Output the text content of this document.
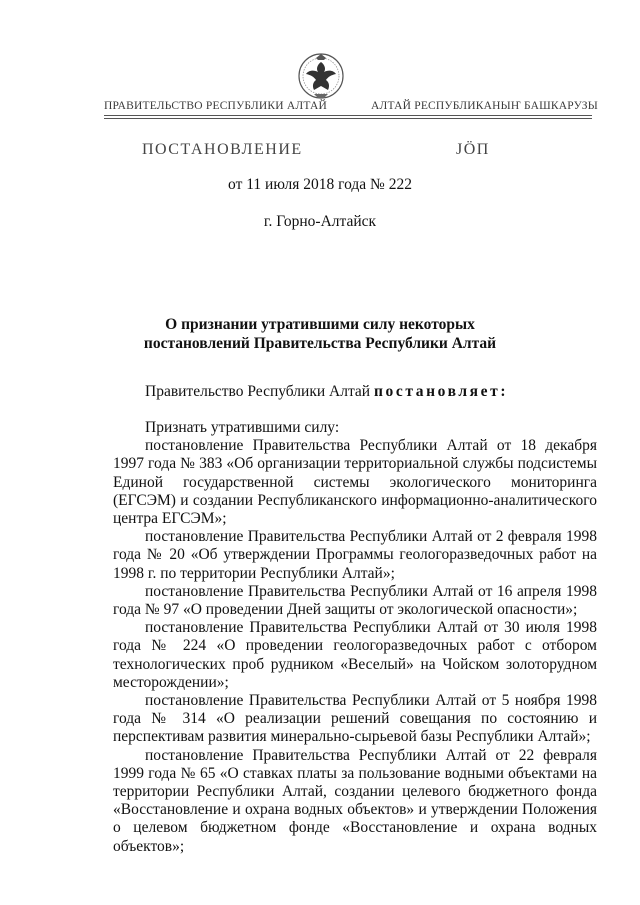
ПРАВИТЕЛЬСТВО РЕСПУБЛИКИ АЛТАЙ	АЛТАЙ РЕСПУБЛИКАНЫҤ БАШКАРУЗЫ
ПОСТАНОВЛЕНИЕ	JÖП
от 11 июля 2018 года № 222
г. Горно-Алтайск
О признании утратившими силу некоторых
постановлений Правительства Республики Алтай
Правительство Республики Алтай постановляет:

Признать утратившими силу:

постановление Правительства Республики Алтай от 18 декабря 1997 года № 383 «Об организации территориальной службы подсистемы Единой государственной системы экологического мониторинга (ЕГСЭМ) и создании Республиканского информационно-аналитического центра ЕГСЭМ»;

постановление Правительства Республики Алтай от 2 февраля 1998 года № 20 «Об утверждении Программы геологоразведочных работ на 1998 г. по территории Республики Алтай»;

постановление Правительства Республики Алтай от 16 апреля 1998 года № 97 «О проведении Дней защиты от экологической опасности»;

постановление Правительства Республики Алтай от 30 июля 1998 года № 224 «О проведении геологоразведочных работ с отбором технологических проб рудником «Веселый» на Чойском золоторудном месторождении»;

постановление Правительства Республики Алтай от 5 ноября 1998 года № 314 «О реализации решений совещания по состоянию и перспективам развития минерально-сырьевой базы Республики Алтай»;

постановление Правительства Республики Алтай от 22 февраля 1999 года № 65 «О ставках платы за пользование водными объектами на территории Республики Алтай, создании целевого бюджетного фонда «Восстановление и охрана водных объектов» и утверждении Положения о целевом бюджетном фонде «Восстановление и охрана водных объектов»;
